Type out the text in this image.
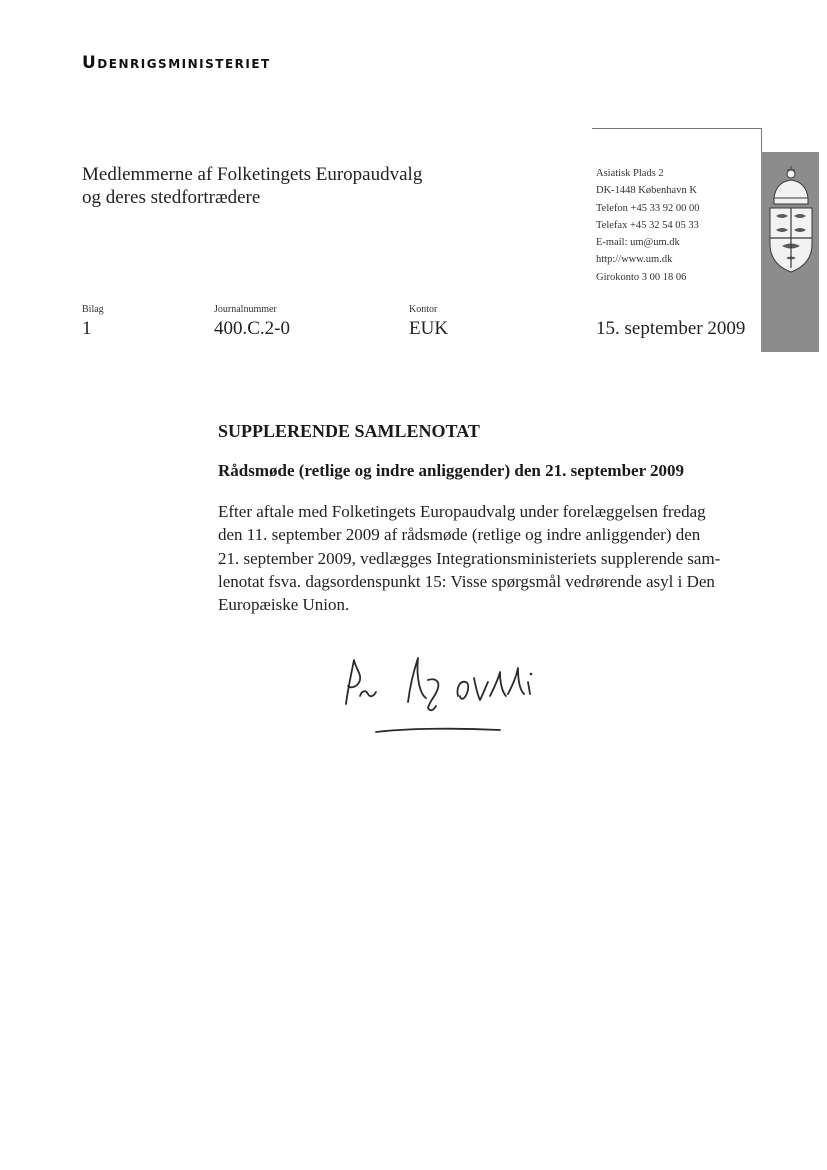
Udenrigsministeriet
Medlemmerne af Folketingets Europaudvalg
og deres stedfortrædere
Asiatisk Plads 2
DK-1448 København K
Telefon +45 33 92 00 00
Telefax +45 32 54 05 33
E-mail: um@um.dk
http://www.um.dk
Girokonto 3 00 18 06
Bilag
1
Journalnummer
400.C.2-0
Kontor
EUK	15. september 2009
SUPPLERENDE SAMLENOTAT
Rådsmøde (retlige og indre anliggender) den 21. september 2009
Efter aftale med Folketingets Europaudvalg under forelæggelsen fredag
den 11. september 2009 af rådsmøde (retlige og indre anliggender) den
21. september 2009, vedlægges Integrationsministeriets supplerende sam-
lenotat fsva. dagsordenspunkt 15: Visse spørgsmål vedrørende asyl i Den
Europæiske Union.
